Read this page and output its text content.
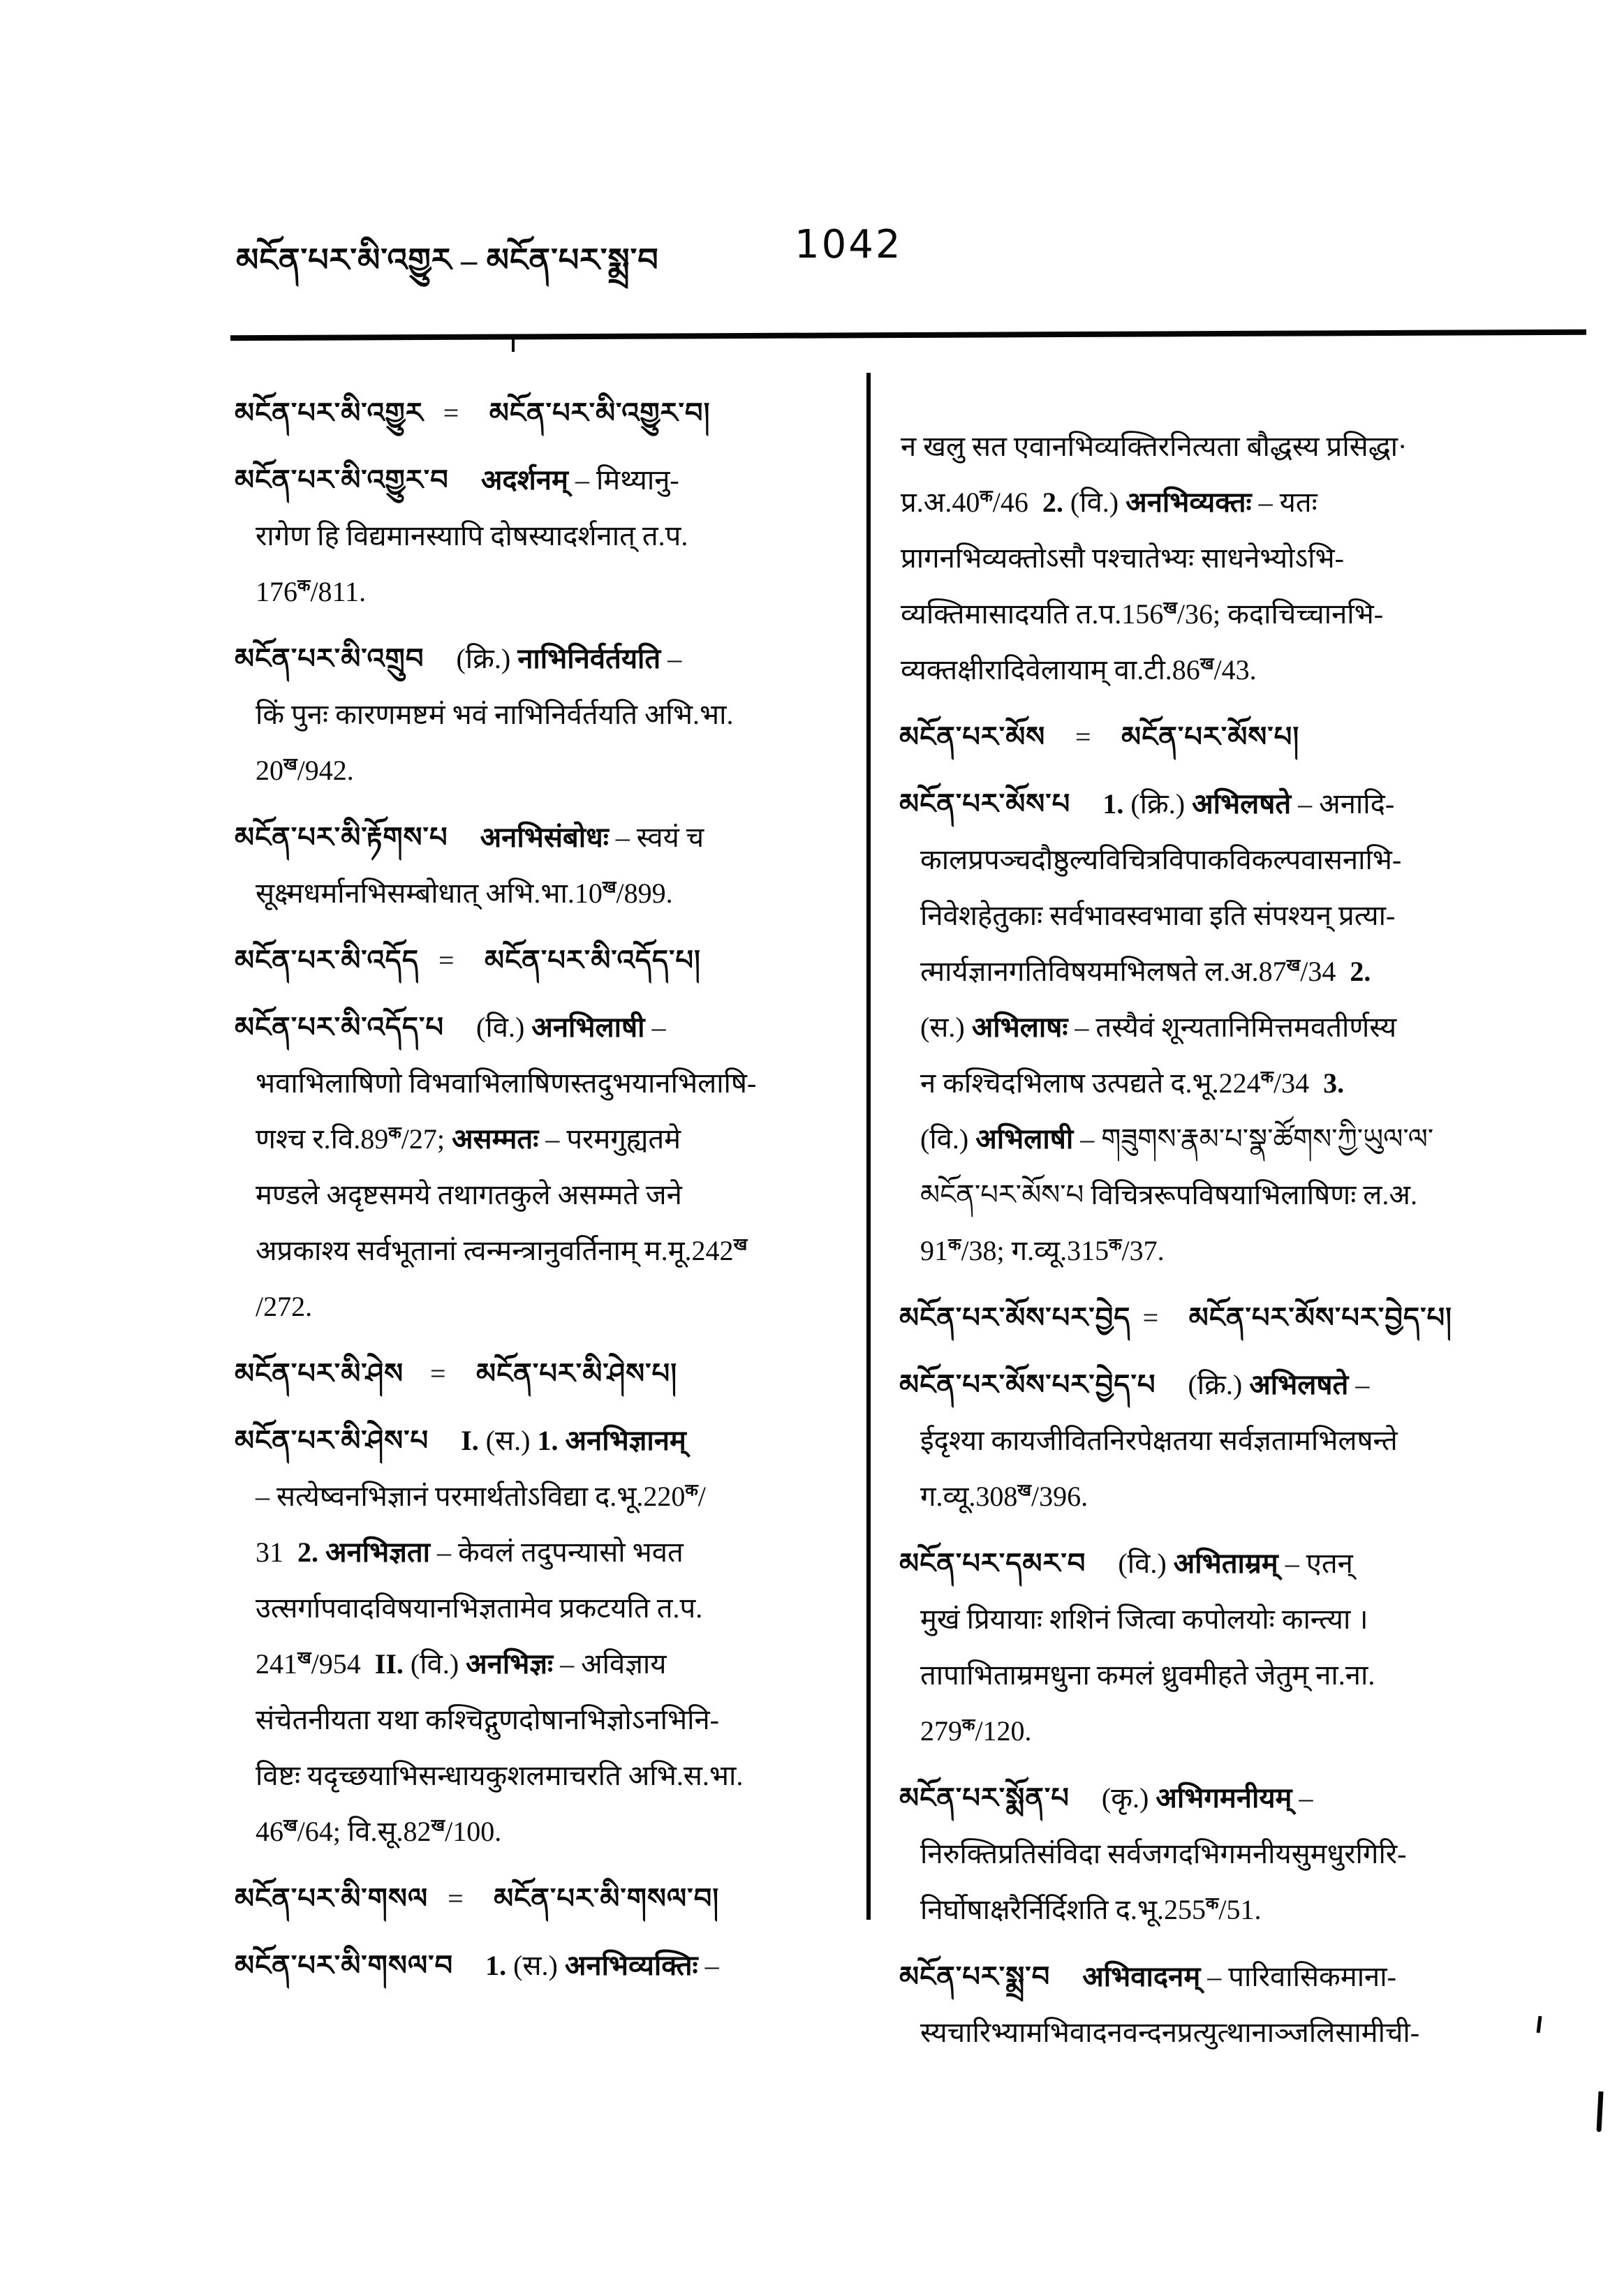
མངོན་པར་མི་འགྱུར – མངོན་པར་སྨྲ་བ	1042
མངོན་པར་མི་འགྱུར =	མངོན་པར་མི་འགྱུར་བ།
མངོན་པར་མི་འགྱུར་བ अदर्शनम् – मिथ्यानु-
रागेण हि विद्यमानस्यापि दोषस्यादर्शनात् त.प.
$176^क/811$.
མངོན་པར་མི་འགྲུབ (क्रि.) नाभिनिर्वर्तयति –
किं पुनः कारणमष्टमं भवं नाभिनिर्वर्तयति अभि.भा.
$20^ख/942$.
མངོན་པར་མི་རྟོགས་པ अनभिसंबोधः – स्वयं च
सूक्ष्मधर्मानभिसम्बोधात् $अभि.भा.10^ख/899$.
མངོན་པར་མི་འདོད =	མངོན་པར་མི་འདོད་པ།
མངོན་པར་མི་འདོད་པ (वि.) अनभिलाषी –
भवाभिलाषिणो विभवाभिलाषिणस्तदुभयानभिलाषि-
णश्च $र.वि.89^क/27$; असम्मतः – परमगुह्यतमे
मण्डले अदृष्टसमये तथागतकुले असम्मते जने
अप्रकाश्य सर्वभूतानां त्वन्मन्त्रानुवर्तिनाम् $म.मू.242^ख$
/272.
མངོན་པར་མི་ཤེས =	མངོན་པར་མི་ཤེས་པ།
མངོན་པར་མི་ཤེས་པ I. (स.) 1. अनभिज्ञानम्
– सत्येष्वनभिज्ञानं परमार्थतोऽविद्या $द.भू.220^क/$
31  2. अनभिज्ञता – केवलं तदुपन्यासो भवत
उत्सर्गापवादविषयानभिज्ञतामेव प्रकटयति त.प.
$241^ख/954$  II. (वि.) अनभिज्ञः – अविज्ञाय
संचेतनीयता यथा कश्चिद्गुणदोषानभिज्ञोऽनभिनि-
विष्टः यदृच्छयाभिसन्धायकुशलमाचरति अभि.स.भा.
$46^ख/64$; $वि.सू.82^ख/100$.
མངོན་པར་མི་གསལ =	མངོན་པར་མི་གསལ་བ།
མངོན་པར་མི་གསལ་བ 1. (स.) अनभिव्यक्तिः –
न खलु सत एवानभिव्यक्तिरनित्यता बौद्धस्य प्रसिद्धा·
$प्र.अ.40^क/46$  2. (वि.) अनभिव्यक्तः – यतः
प्रागनभिव्यक्तोऽसौ पश्चातेभ्यः साधनेभ्योऽभि-
व्यक्तिमासादयति $त.प.156^ख/36$; कदाचिच्चानभि-
व्यक्तक्षीरादिवेलायाम् $वा.टी.86^ख/43$.
མངོན་པར་མོས	=	མངོན་པར་མོས་པ།
མངོན་པར་མོས་པ 1. (क्रि.) अभिलषते – अनादि-
कालप्रपञ्चदौष्ठुल्यविचित्रविपाकविकल्पवासनाभि-
निवेशहेतुकाः सर्वभावस्वभावा इति संपश्यन् प्रत्या-
त्मार्यज्ञानगतिविषयमभिलषते $ल.अ.87^ख/34$  2.
(स.) अभिलाषः – तस्यैवं शून्यतानिमित्तमवतीर्णस्य
न कश्चिदभिलाष उत्पद्यते $द.भू.224^क/34$  3.
(वि.) अभिलाषी – གཟུགས་རྣམ་པ་སྣ་ཚོགས་ཀྱི་ཡུལ་ལ་
མངོན་པར་མོས་པ विचित्ररूपविषयाभिलाषिणः ल.अ.
$91^क/38$; $ग.व्यू.315^क/37$.
མངོན་པར་མོས་པར་བྱེད =	མངོན་པར་མོས་པར་བྱེད་པ།
མངོན་པར་མོས་པར་བྱེད་པ (क्रि.) अभिलषते –
ईदृश्या कायजीवितनिरपेक्षतया सर्वज्ञतामभिलषन्ते
$ग.व्यू.308^ख/396$.
མངོན་པར་དམར་བ (वि.) अभिताम्रम् – एतन्
मुखं प्रियायाः शशिनं जित्वा कपोलयोः कान्त्या ।
तापाभिताम्रमधुना कमलं ध्रुवमीहते जेतुम् ना.ना.
$279^क/120$.
མངོན་པར་སྨོན་པ (कृ.) अभिगमनीयम् –
निरुक्तिप्रतिसंविदा सर्वजगदभिगमनीयसुमधुरगिरि-
निर्घोषाक्षरैर्निर्दिशति $द.भू.255^क/51$.
མངོན་པར་སྨྲ་བ अभिवादनम् – पारिवासिकमाना-
स्यचारिभ्यामभिवादनवन्दनप्रत्युत्थानाञ्जलिसामीची-
